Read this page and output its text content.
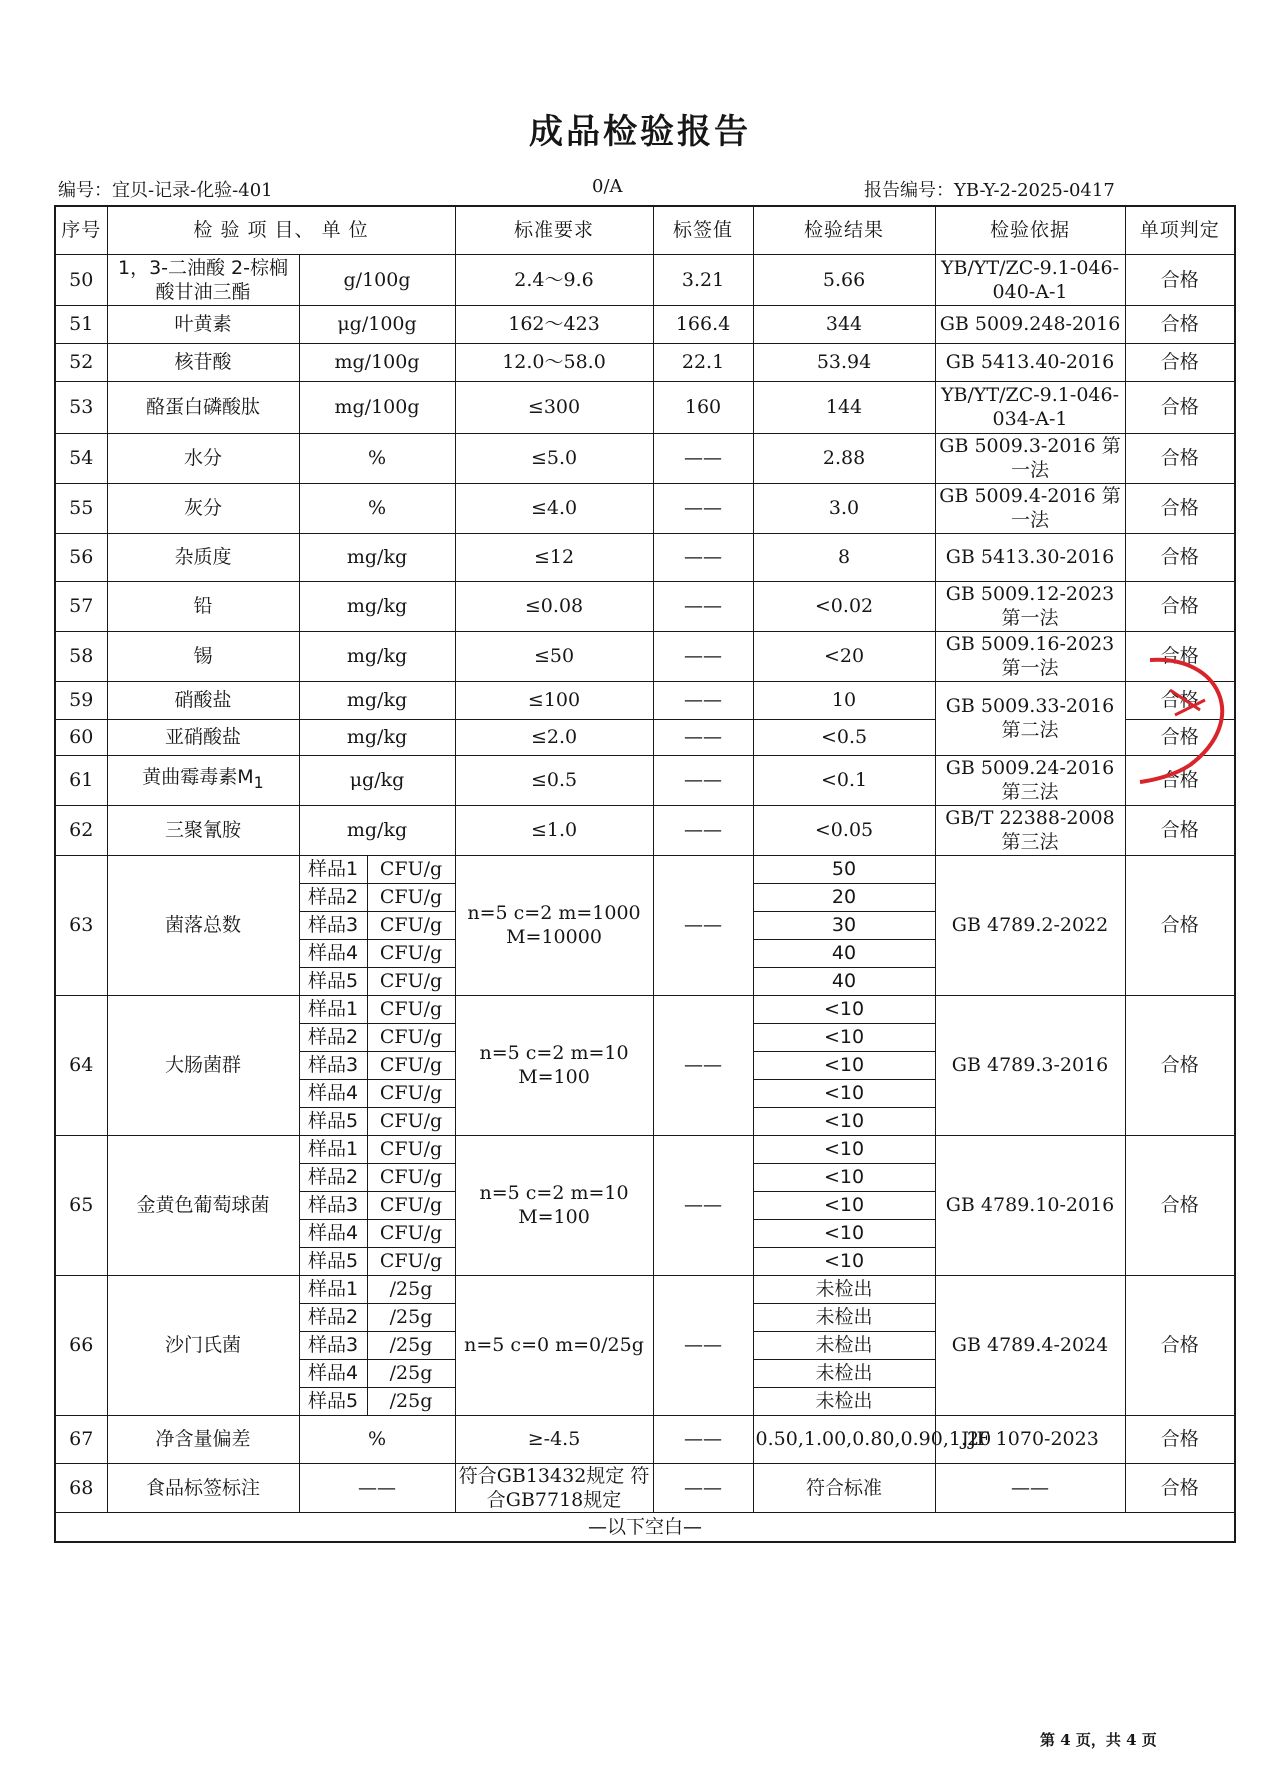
成品检验报告
编号：宜贝-记录-化验-401	0/A	报告编号：YB-Y-2-2025-0417
序号	检 验 项 目、 单 位			标准要求	标签值	检验结果	检验依据	单项判定
50	1，3-二油酸 2-棕榈酸甘油三酯	g/100g		2.4～9.6	3.21	5.66	YB/YT/ZC-9.1-046-040-A-1	合格
51	叶黄素	μg/100g		162～423	166.4	344	GB 5009.248-2016	合格
52	核苷酸	mg/100g		12.0～58.0	22.1	53.94	GB 5413.40-2016	合格
53	酪蛋白磷酸肽	mg/100g		≤300	160	144	YB/YT/ZC-9.1-046-034-A-1	合格
54	水分	%		≤5.0	——	2.88	GB 5009.3-2016 第一法	合格
55	灰分	%		≤4.0	——	3.0	GB 5009.4-2016 第一法	合格
56	杂质度	mg/kg		≤12	——	8	GB 5413.30-2016	合格
57	铅	mg/kg		≤0.08	——	<0.02	GB 5009.12-2023 第一法	合格
58	锡	mg/kg		≤50	——	<20	GB 5009.16-2023 第一法	合格
59	硝酸盐	mg/kg		≤100	——	10	GB 5009.33-2016 第二法	合格
60	亚硝酸盐	mg/kg		≤2.0	——	<0.5		合格
61	黄曲霉毒素$M_1$	μg/kg		≤0.5	——	<0.1	GB 5009.24-2016 第三法	合格
62	三聚氰胺	mg/kg		≤1.0	——	<0.05	GB/T 22388-2008 第三法	合格
63	菌落总数	样品1	CFU/g	n=5 c=2 m=1000 M=10000	——	50	GB 4789.2-2022	合格
		样品2	CFU/g			20		
		样品3	CFU/g			30		
		样品4	CFU/g			40		
		样品5	CFU/g			40		
64	大肠菌群	样品1	CFU/g	n=5 c=2 m=10 M=100	——	<10	GB 4789.3-2016	合格
		样品2	CFU/g			<10		
		样品3	CFU/g			<10		
		样品4	CFU/g			<10		
		样品5	CFU/g			<10		
65	金黄色葡萄球菌	样品1	CFU/g	n=5 c=2 m=10 M=100	——	<10	GB 4789.10-2016	合格
		样品2	CFU/g			<10		
		样品3	CFU/g			<10		
		样品4	CFU/g			<10		
		样品5	CFU/g			<10		
66	沙门氏菌	样品1	/25g	n=5 c=0 m=0/25g	——	未检出	GB 4789.4-2024	合格
		样品2	/25g			未检出		
		样品3	/25g			未检出		
		样品4	/25g			未检出		
		样品5	/25g			未检出		
67	净含量偏差	%		≥-4.5	——	0.50,1.00,0.80,0.90,1.20	JJF 1070-2023	合格
68	食品标签标注	——		符合GB13432规定 符合GB7718规定	——	符合标准	——	合格
—以下空白—								
第 4 页，共 4 页
